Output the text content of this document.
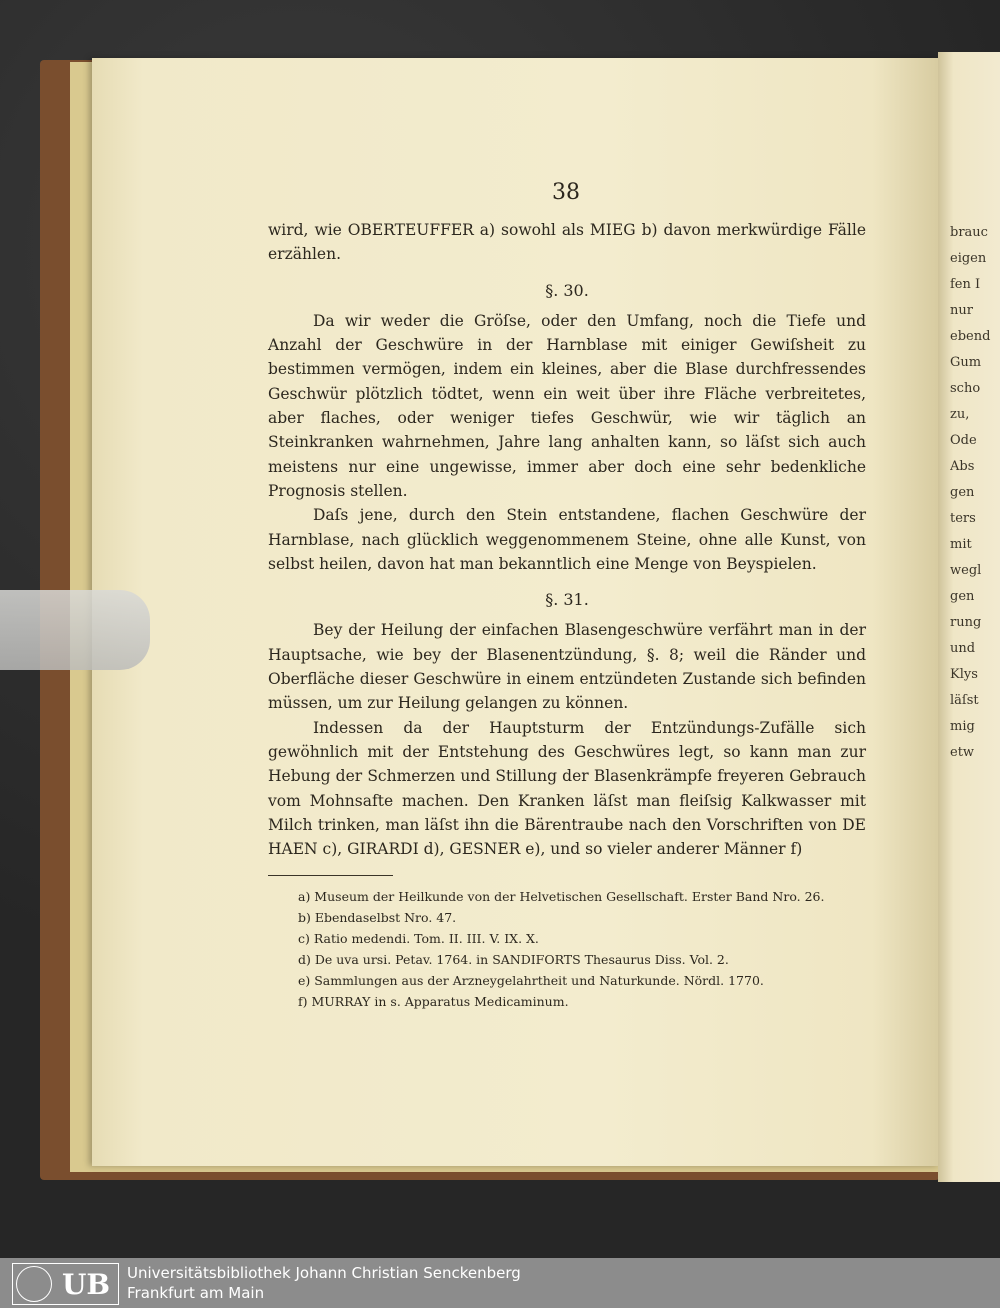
brauc
eigen
fen I
nur
ebend
Gum
scho
zu,
Ode
Abs
gen
ters
mit
wegl
gen
rung
und
Klys
läſst
mig
etw
38

wird, wie OBERTEUFFER a) sowohl als MIEG b) davon merkwürdige Fälle erzählen.

§. 30.

Da wir weder die Gröſse, oder den Umfang, noch die Tiefe und Anzahl der Geschwüre in der Harnblase mit einiger Gewiſsheit zu bestimmen vermögen, indem ein kleines, aber die Blase durchfressendes Geschwür plötzlich tödtet, wenn ein weit über ihre Fläche verbreitetes, aber flaches, oder weniger tiefes Geschwür, wie wir täglich an Steinkranken wahrnehmen, Jahre lang anhalten kann, so läſst sich auch meistens nur eine ungewisse, immer aber doch eine sehr bedenkliche Prognosis stellen.

Daſs jene, durch den Stein entstandene, flachen Geschwüre der Harnblase, nach glücklich weggenommenem Steine, ohne alle Kunst, von selbst heilen, davon hat man bekanntlich eine Menge von Beyspielen.

§. 31.

Bey der Heilung der einfachen Blasengeschwüre verfährt man in der Hauptsache, wie bey der Blasenentzündung, §. 8; weil die Ränder und Oberfläche dieser Geschwüre in einem entzündeten Zustande sich befinden müssen, um zur Heilung gelangen zu können.

Indessen da der Hauptsturm der Entzündungs-Zufälle sich gewöhnlich mit der Entstehung des Geschwüres legt, so kann man zur Hebung der Schmerzen und Stillung der Blasenkrämpfe freyeren Gebrauch vom Mohnsafte machen. Den Kranken läſst man fleiſsig Kalkwasser mit Milch trinken, man läſst ihn die Bärentraube nach den Vorschriften von DE HAEN c), GIRARDI d), GESNER e), und so vieler anderer Männer f)

a) Museum der Heilkunde von der Helvetischen Gesellschaft. Erster Band Nro. 26.
b) Ebendaselbst Nro. 47.
c) Ratio medendi. Tom. II. III. V. IX. X.
d) De uva ursi. Petav. 1764. in SANDIFORTS Thesaurus Diss. Vol. 2.
e) Sammlungen aus der Arzneygelahrtheit und Naturkunde. Nördl. 1770.
f) MURRAY in s. Apparatus Medicaminum.
UB Universitätsbibliothek Johann Christian Senckenberg
Frankfurt am Main
